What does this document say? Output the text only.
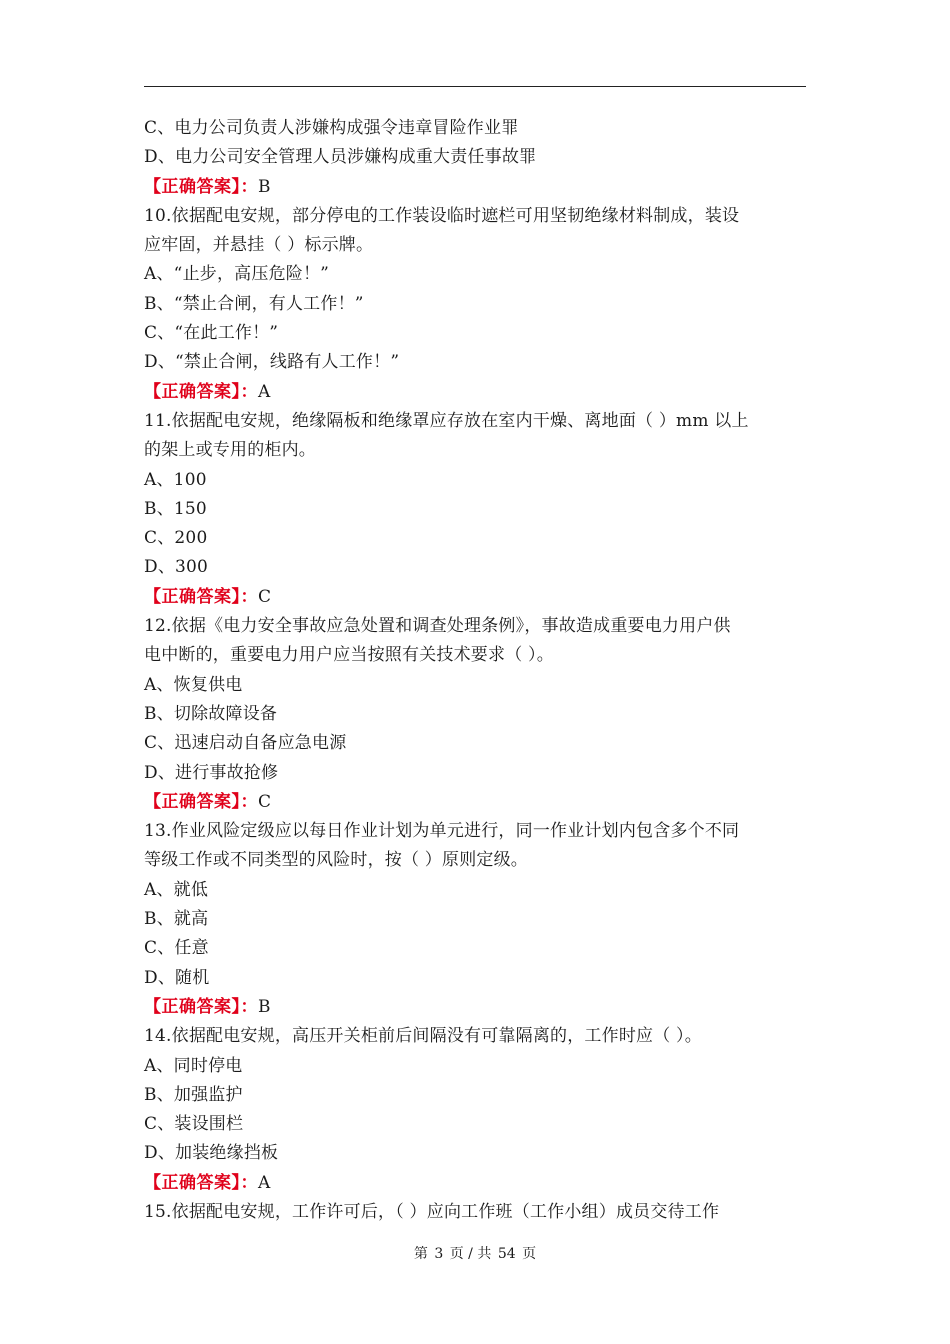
C、电力公司负责人涉嫌构成强令违章冒险作业罪
D、电力公司安全管理人员涉嫌构成重大责任事故罪
【正确答案】：B
10.依据配电安规，部分停电的工作装设临时遮栏可用坚韧绝缘材料制成，装设
应牢固，并悬挂（ ）标示牌。
A、“止步，高压危险！”
B、“禁止合闸，有人工作！”
C、“在此工作！”
D、“禁止合闸，线路有人工作！”
【正确答案】：A
11.依据配电安规，绝缘隔板和绝缘罩应存放在室内干燥、离地面（ ）mm 以上
的架上或专用的柜内。
A、100
B、150
C、200
D、300
【正确答案】：C
12.依据《电力安全事故应急处置和调查处理条例》，事故造成重要电力用户供
电中断的，重要电力用户应当按照有关技术要求（ ）。
A、恢复供电
B、切除故障设备
C、迅速启动自备应急电源
D、进行事故抢修
【正确答案】：C
13.作业风险定级应以每日作业计划为单元进行，同一作业计划内包含多个不同
等级工作或不同类型的风险时，按（ ）原则定级。
A、就低
B、就高
C、任意
D、随机
【正确答案】：B
14.依据配电安规，高压开关柜前后间隔没有可靠隔离的，工作时应（ ）。
A、同时停电
B、加强监护
C、装设围栏
D、加装绝缘挡板
【正确答案】：A
15.依据配电安规，工作许可后，（ ）应向工作班（工作小组）成员交待工作
第 3 页 / 共 54 页
